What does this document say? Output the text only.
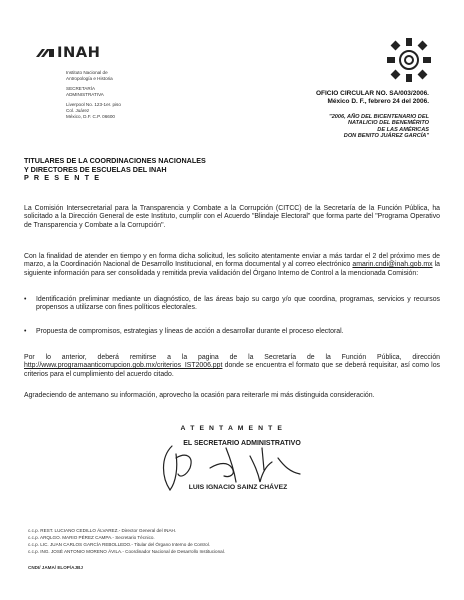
INAH
Instituto Nacional de
Antropología e Historia
SECRETARÍA
ADMINISTRATIVA
Liverpool No. 123-1er. piso
Col. Juárez
México, D.F. C.P. 06600
OFICIO CIRCULAR NO. SA/003/2006.
México D. F., febrero 24 del 2006.
"2006, AÑO DEL BICENTENARIO DEL
NATALICIO DEL BENEMÉRITO
DE LAS AMÉRICAS
DON BENITO JUÁREZ GARCÍA"
TITULARES DE LA COORDINACIONES NACIONALES
Y DIRECTORES DE ESCUELAS DEL INAH
P R E S E N T E
La Comisión Intersecretarial para la Transparencia y Combate a la Corrupción (CITCC) de la Secretaría de la Función Pública, ha solicitado a la Dirección General de este Instituto, cumplir con el Acuerdo "Blindaje Electoral" que forma parte del "Programa Operativo de Transparencia y Combate a la Corrupción".
Con la finalidad de atender en tiempo y en forma dicha solicitud, les solicito atentamente enviar a más tardar el 2 del próximo mes de marzo, a la Coordinación Nacional de Desarrollo Institucional, en forma documental y al correo electrónico amarin.cndi@inah.gob.mx la siguiente información para ser consolidada y remitida previa validación del Órgano Interno de Control a la mencionada Comisión:
•	Identificación preliminar mediante un diagnóstico, de las áreas bajo su cargo y/o que coordina, programas, servicios y recursos propensos a utilizarse con fines políticos electorales.
•	Propuesta de compromisos, estrategias y líneas de acción a desarrollar durante el proceso electoral.
Por lo anterior, deberá remitirse a la pagina de la Secretaría de la Función Pública, dirección http://www.programaanticorrupcion.gob.mx/criterios_IST2006.ppt donde se encuentra el formato que se deberá requisitar, así como los criterios para el cumplimiento del acuerdo citado.
Agradeciendo de antemano su información, aprovecho la ocasión para reiterarle mi más distinguida consideración.
A T E N T A M E N T E
EL SECRETARIO ADMINISTRATIVO
LUIS IGNACIO SAINZ CHÁVEZ
c.c.p. REST. LUCIANO CEDILLO ÁLVAREZ.- Director General del INAH.
c.c.p. ARQLGO. MARIO PÉREZ CAMPA.- Secretario Técnico.
c.c.p. LIC. JUAN CARLOS GARCÍA REBOLLEDO.- Titular del Órgano Interno de Control.
c.c.p. ING. JOSÉ ANTONIO MORENO ÁVILA.- Coordinador Nacional de Desarrollo Institucional.
CNDI/ JAMA/ ELOP/AJBJ
